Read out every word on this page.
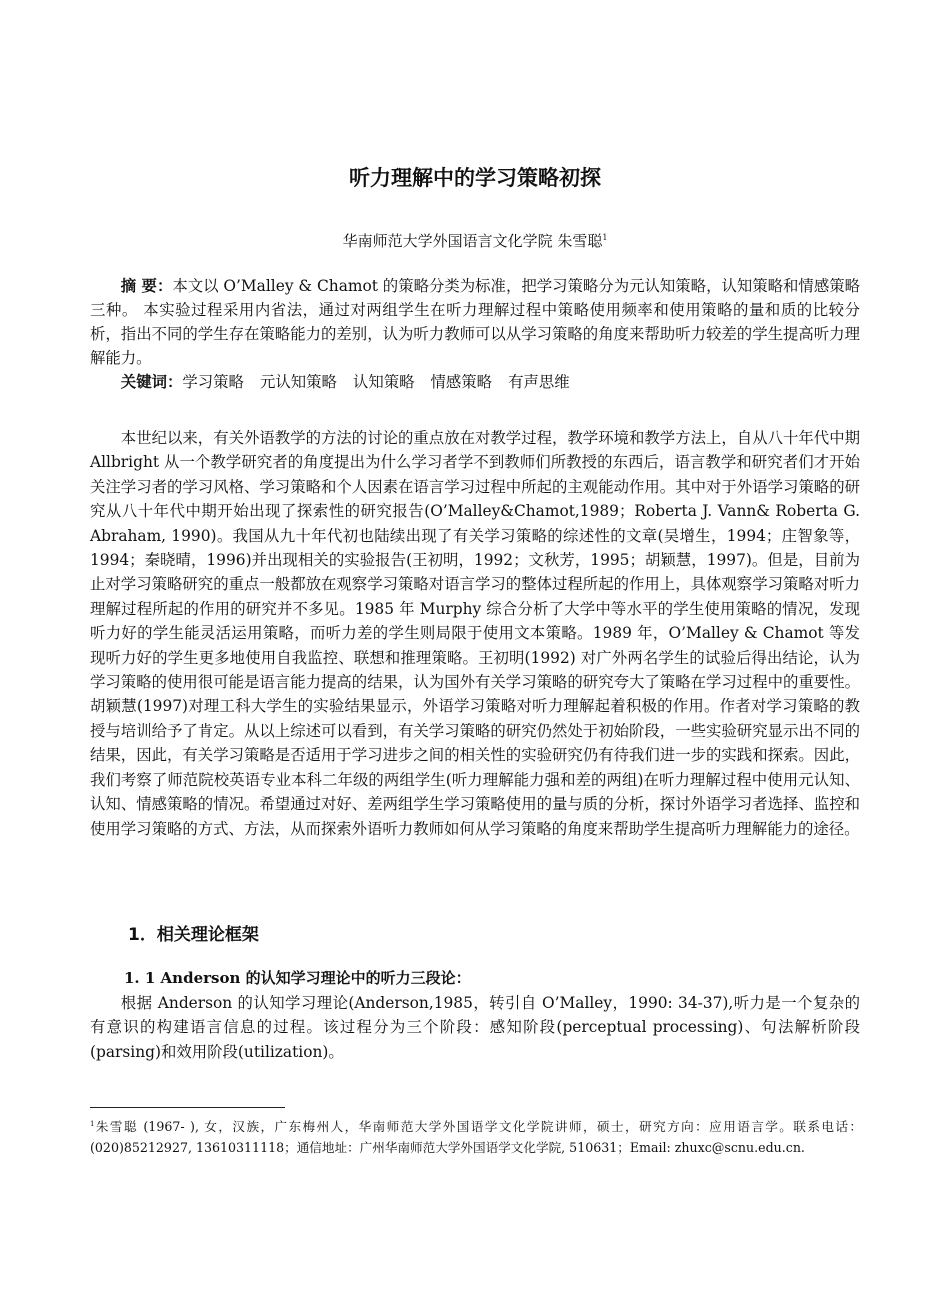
听力理解中的学习策略初探
华南师范大学外国语言文化学院 朱雪聪$^1$

摘 要：本文以 O’Malley & Chamot 的策略分类为标准，把学习策略分为元认知策略，认知策略和情感策略三种。 本实验过程采用内省法，通过对两组学生在听力理解过程中策略使用频率和使用策略的量和质的比较分析，指出不同的学生存在策略能力的差别，认为听力教师可以从学习策略的角度来帮助听力较差的学生提高听力理解能力。

关键词：学习策略 元认知策略 认知策略 情感策略 有声思维

本世纪以来，有关外语教学的方法的讨论的重点放在对教学过程，教学环境和教学方法上，自从八十年代中期 Allbright 从一个教学研究者的角度提出为什么学习者学不到教师们所教授的东西后，语言教学和研究者们才开始关注学习者的学习风格、学习策略和个人因素在语言学习过程中所起的主观能动作用。其中对于外语学习策略的研究从八十年代中期开始出现了探索性的研究报告(O’Malley&Chamot,1989；Roberta J. Vann& Roberta G. Abraham, 1990)。我国从九十年代初也陆续出现了有关学习策略的综述性的文章(吴增生，1994；庄智象等，1994；秦晓晴，1996)并出现相关的实验报告(王初明，1992；文秋芳，1995；胡颖慧，1997)。但是，目前为止对学习策略研究的重点一般都放在观察学习策略对语言学习的整体过程所起的作用上，具体观察学习策略对听力理解过程所起的作用的研究并不多见。1985 年 Murphy 综合分析了大学中等水平的学生使用策略的情况，发现听力好的学生能灵活运用策略，而听力差的学生则局限于使用文本策略。1989 年，O’Malley & Chamot 等发现听力好的学生更多地使用自我监控、联想和推理策略。王初明(1992) 对广外两名学生的试验后得出结论，认为学习策略的使用很可能是语言能力提高的结果，认为国外有关学习策略的研究夸大了策略在学习过程中的重要性。胡颖慧(1997)对理工科大学生的实验结果显示，外语学习策略对听力理解起着积极的作用。作者对学习策略的教授与培训给予了肯定。从以上综述可以看到，有关学习策略的研究仍然处于初始阶段，一些实验研究显示出不同的结果，因此，有关学习策略是否适用于学习进步之间的相关性的实验研究仍有待我们进一步的实践和探索。因此，我们考察了师范院校英语专业本科二年级的两组学生(听力理解能力强和差的两组)在听力理解过程中使用元认知、认知、情感策略的情况。希望通过对好、差两组学生学习策略使用的量与质的分析，探讨外语学习者选择、监控和使用学习策略的方式、方法，从而探索外语听力教师如何从学习策略的角度来帮助学生提高听力理解能力的途径。

1．相关理论框架
1. 1 Anderson 的认知学习理论中的听力三段论：

根据 Anderson 的认知学习理论(Anderson,1985，转引自 O’Malley，1990: 34-37),听力是一个复杂的有意识的构建语言信息的过程。该过程分为三个阶段：感知阶段(perceptual processing)、句法解析阶段(parsing)和效用阶段(utilization)。

$^1$朱雪聪 (1967- ), 女，汉族，广东梅州人，华南师范大学外国语学文化学院讲师，硕士，研究方向：应用语言学。联系电话：(020)85212927, 13610311118；通信地址：广州华南师范大学外国语学文化学院, 510631；Email: zhuxc@scnu.edu.cn.
